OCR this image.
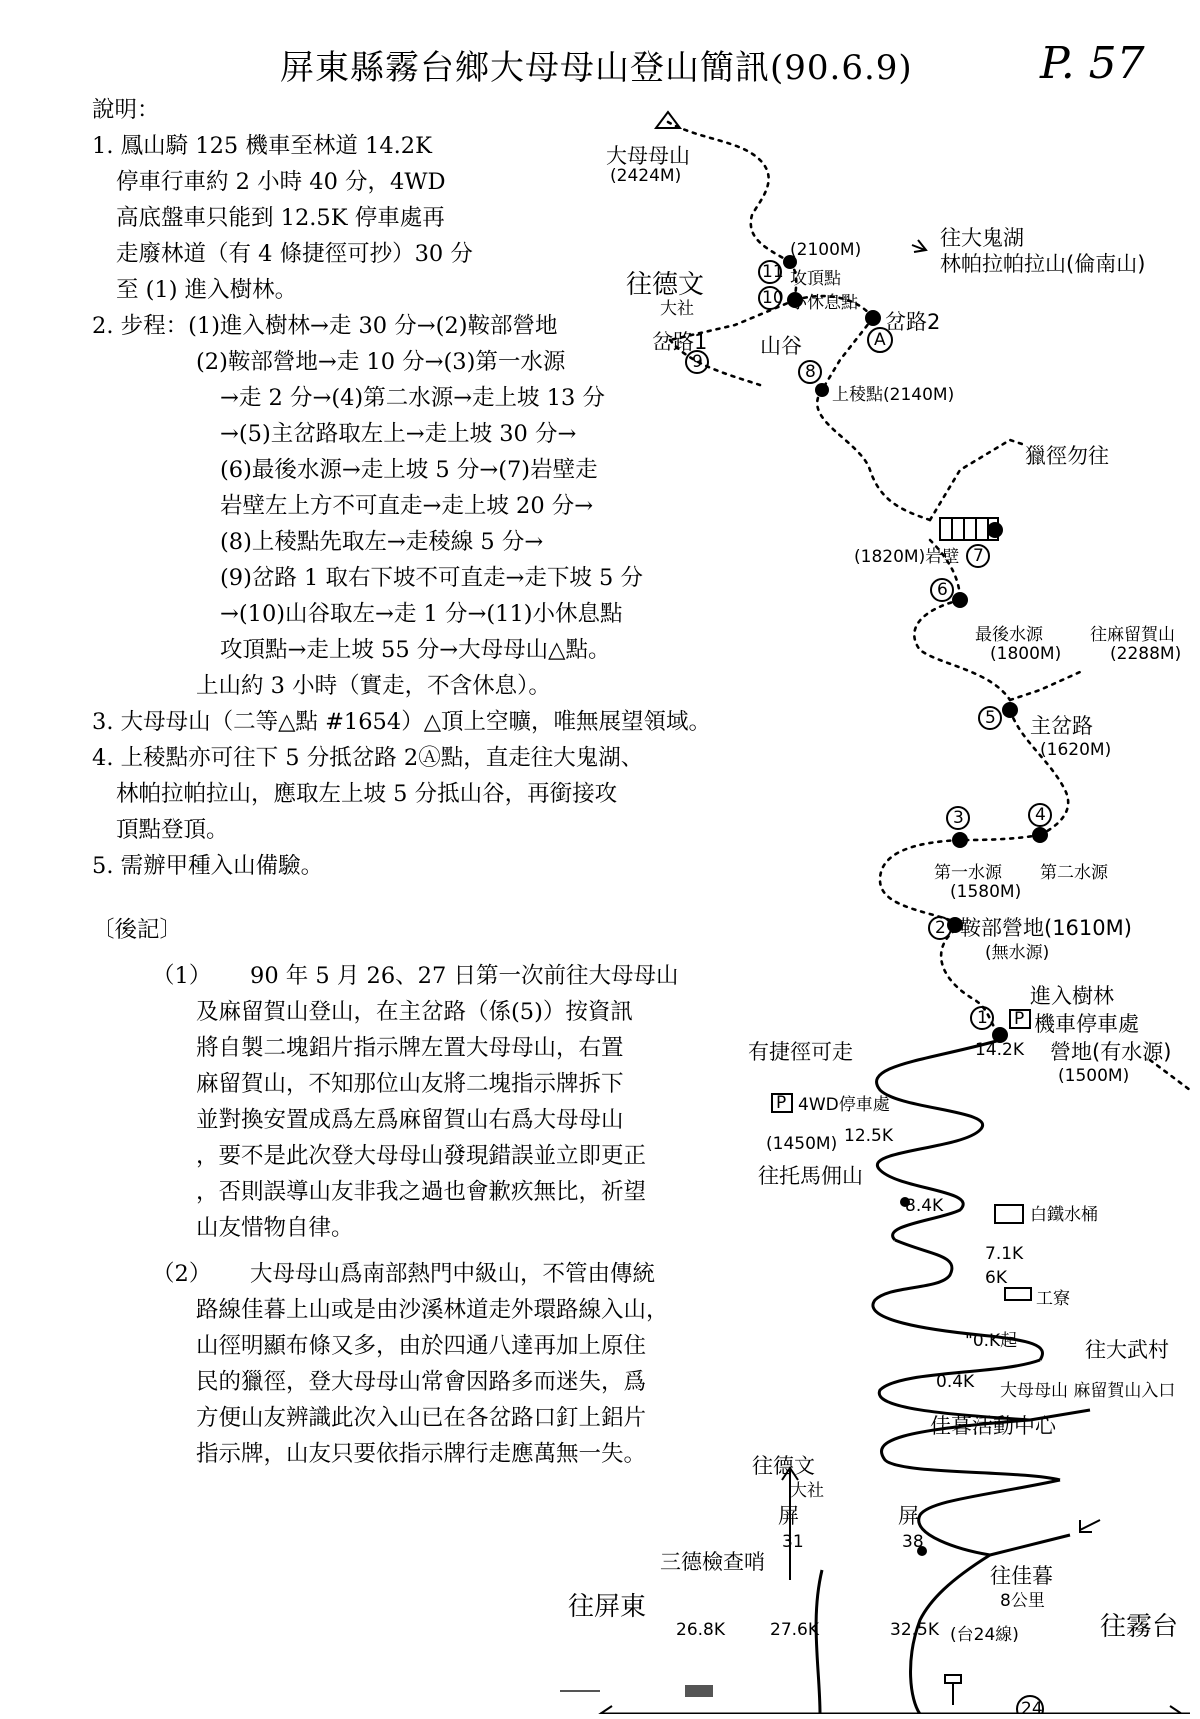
屏東縣霧台鄉大母母山登山簡訊(90.6.9)	P. 57
說明：
1. 鳳山騎 125 機車至林道 14.2K
停車行車約 2 小時 40 分，4WD
高底盤車只能到 12.5K 停車處再
走廢林道（有 4 條捷徑可抄）30 分
至 (1) 進入樹林。
2. 步程：(1)進入樹林→走 30 分→(2)鞍部營地
(2)鞍部營地→走 10 分→(3)第一水源
→走 2 分→(4)第二水源→走上坡 13 分
→(5)主岔路取左上→走上坡 30 分→
(6)最後水源→走上坡 5 分→(7)岩壁走
岩壁左上方不可直走→走上坡 20 分→
(8)上稜點先取左→走稜線 5 分→
(9)岔路 1 取右下坡不可直走→走下坡 5 分
→(10)山谷取左→走 1 分→(11)小休息點
攻頂點→走上坡 55 分→大母母山△點。
上山約 3 小時（實走，不含休息）。
3. 大母母山（二等△點 #1654）△頂上空曠，唯無展望領域。
4. 上稜點亦可往下 5 分抵岔路 2Ⓐ點，直走往大鬼湖、
林帕拉帕拉山，應取左上坡 5 分抵山谷，再銜接攻
頂點登頂。
5. 需辦甲種入山備驗。
〔後記〕
（1） 90 年 5 月 26、27 日第一次前往大母母山
及麻留賀山登山，在主岔路（係(5)）按資訊
將自製二塊鋁片指示牌左置大母母山，右置
麻留賀山，不知那位山友將二塊指示牌拆下
並對換安置成爲左爲麻留賀山右爲大母母山
，要不是此次登大母母山發現錯誤並立即更正
，否則誤導山友非我之過也會歉疚無比，祈望
山友惜物自律。
（2） 大母母山爲南部熱門中級山，不管由傳統
路線佳暮上山或是由沙溪林道走外環路線入山，
山徑明顯布條又多，由於四通八達再加上原住
民的獵徑，登大母母山常會因路多而迷失，爲
方便山友辨識此次入山已在各岔路口釘上鋁片
指示牌，山友只要依指示牌行走應萬無一失。
大母母山
(2424M)
往大鬼湖
林帕拉帕拉山(倫南山)
往德文
大社
(2100M)
攻頂點
小休息點
岔路1	山谷
岔路2
上稜點(2140M)
獵徑勿往
(1820M)岩壁
最後水源
(1800M)
往麻留賀山
(2288M)
主岔路
(1620M)
第一水源
(1580M)
第二水源
鞍部營地(1610M)
(無水源)
進入樹林
機車停車處
14.2K 營地(有水源)
(1500M)
有捷徑可走
4WD停車處
(1450M) 12.5K
往托馬佣山
8.4K	白鐵水桶
7.1K
6K
工寮
"0.K起	往大武村
0.4K 大母母山 麻留賀山入口
佳暮活動中心
往德文
大社
屏
31
屏
38
三德檢查哨
往佳暮
8公里
往屏東
往霧台
26.8K	27.6K	32.5K (台24線)
11
10
9	8
A
7
6
5
3	4
2
1 P
P
24
